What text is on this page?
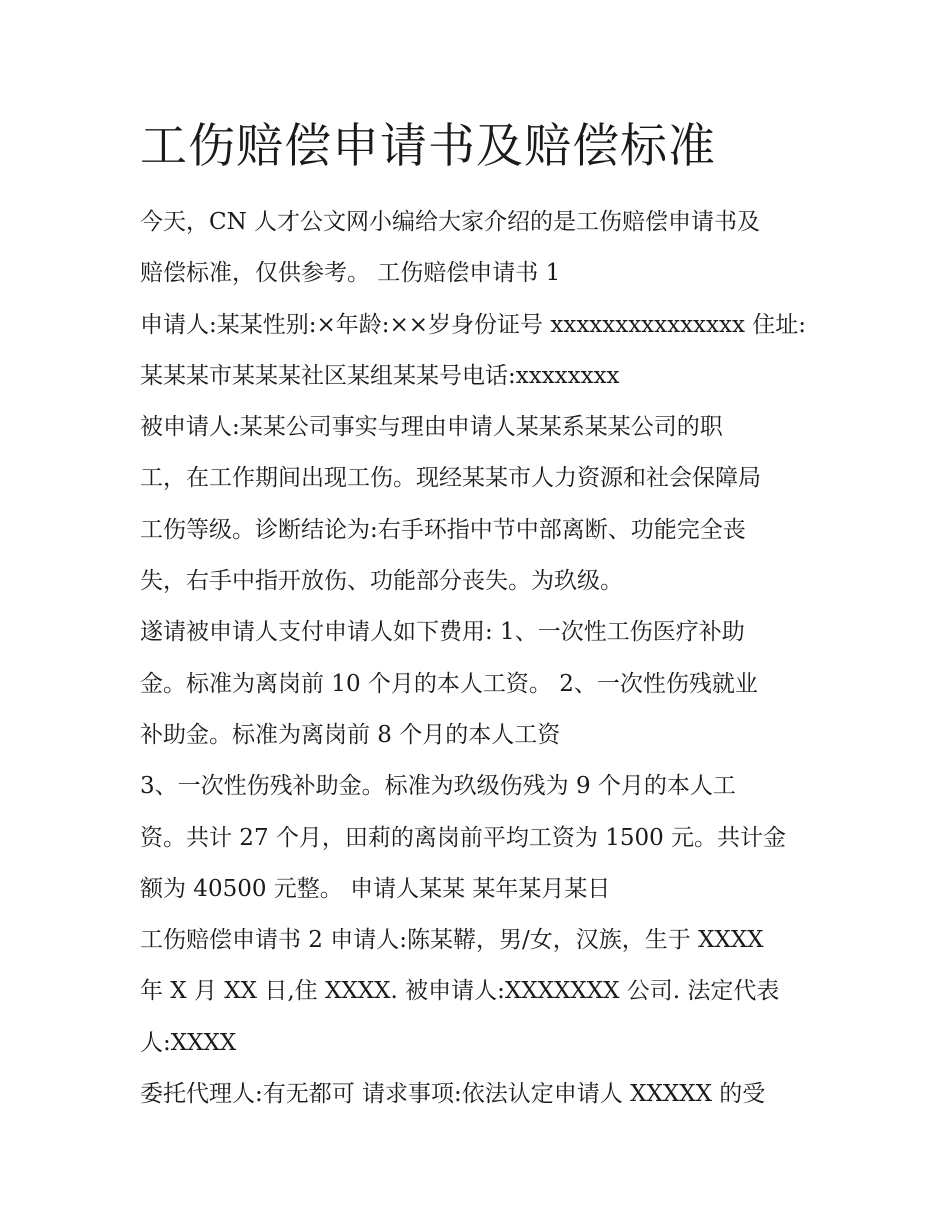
工伤赔偿申请书及赔偿标准
今天，CN 人才公文网小编给大家介绍的是工伤赔偿申请书及
赔偿标准，仅供参考。 工伤赔偿申请书 1
申请人:某某性别:×年龄:××岁身份证号 xxxxxxxxxxxxxxx 住址:
某某某市某某某社区某组某某号电话:xxxxxxxx
被申请人:某某公司事实与理由申请人某某系某某公司的职
工，在工作期间出现工伤。现经某某市人力资源和社会保障局
工伤等级。诊断结论为:右手环指中节中部离断、功能完全丧
失，右手中指开放伤、功能部分丧失。为玖级。
遂请被申请人支付申请人如下费用: 1、一次性工伤医疗补助
金。标准为离岗前 10 个月的本人工资。 2、一次性伤残就业
补助金。标准为离岗前 8 个月的本人工资
3、一次性伤残补助金。标准为玖级伤残为 9 个月的本人工
资。共计 27 个月，田莉的离岗前平均工资为 1500 元。共计金
额为 40500 元整。 申请人某某 某年某月某日
工伤赔偿申请书 2 申请人:陈某鞯，男/女，汉族，生于 XXXX
年 X 月 XX 日,住 XXXX. 被申请人:XXXXXXX 公司. 法定代表
人:XXXX
委托代理人:有无都可 请求事项:依法认定申请人 XXXXX 的受
